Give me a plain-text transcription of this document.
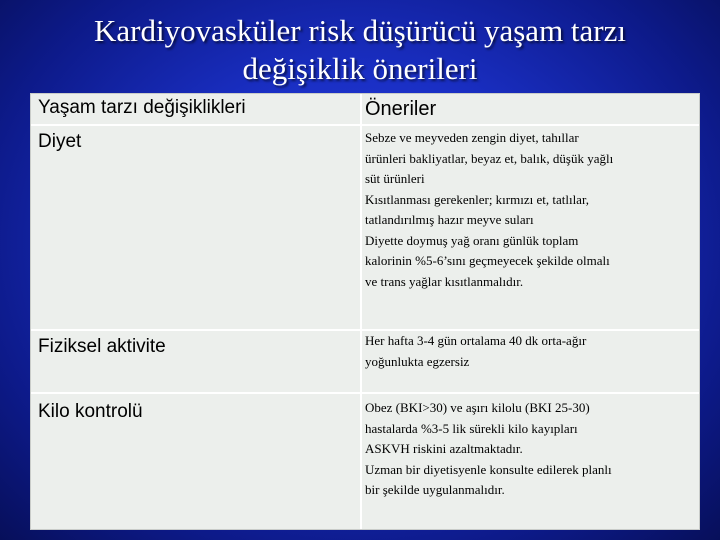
Kardiyovasküler risk düşürücü yaşam tarzı
değişiklik önerileri
Yaşam tarzı değişiklikleri	Öneriler
Diyet	Sebze ve meyveden zengin diyet, tahıllar
ürünleri bakliyatlar, beyaz et, balık, düşük yağlı
süt ürünleri
Kısıtlanması gerekenler; kırmızı et, tatlılar,
tatlandırılmış hazır meyve suları
Diyette doymuş yağ oranı günlük toplam
kalorinin %5-6’sını geçmeyecek şekilde olmalı
ve trans yağlar kısıtlanmalıdır.
Fiziksel aktivite	Her hafta 3-4 gün ortalama 40 dk orta-ağır
yoğunlukta egzersiz
Kilo kontrolü	Obez (BKI>30) ve aşırı kilolu (BKI 25-30)
hastalarda %3-5 lik sürekli kilo kayıpları
ASKVH riskini azaltmaktadır.
Uzman bir diyetisyenle konsulte edilerek planlı
bir şekilde uygulanmalıdır.
